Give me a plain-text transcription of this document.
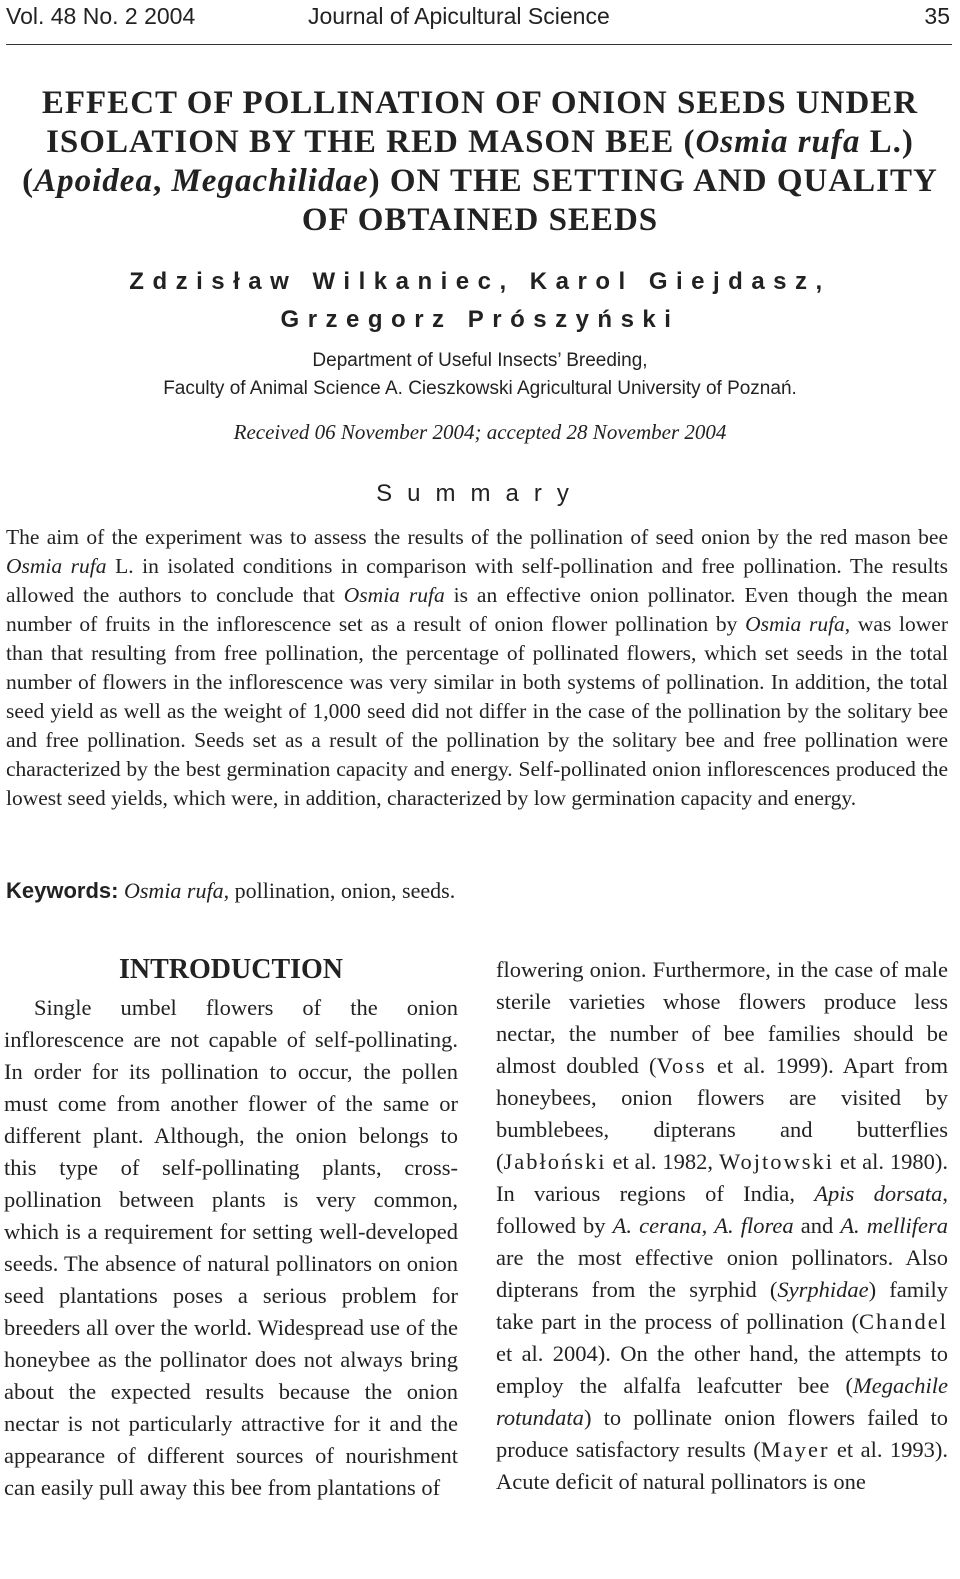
Vol. 48 No. 2 2004	Journal of Apicultural Science	35
EFFECT OF POLLINATION OF ONION SEEDS UNDER
ISOLATION BY THE RED MASON BEE (Osmia rufa L.)
(Apoidea, Megachilidae) ON THE SETTING AND QUALITY
OF OBTAINED SEEDS
Zdzisław Wilkaniec, Karol Giejdasz,
Grzegorz Prószyński
Department of Useful Insects’ Breeding,
Faculty of Animal Science A. Cieszkowski Agricultural University of Poznań.
Received 06 November 2004; accepted 28 November 2004
Summary
The aim of the experiment was to assess the results of the pollination of seed onion by the red mason bee Osmia rufa L. in isolated conditions in comparison with self-pollination and free pollination. The results allowed the authors to conclude that Osmia rufa is an effective onion pollinator. Even though the mean number of fruits in the inflorescence set as a result of onion flower pollination by Osmia rufa, was lower than that resulting from free pollination, the percentage of pollinated flowers, which set seeds in the total number of flowers in the inflorescence was very similar in both systems of pollination. In addition, the total seed yield as well as the weight of 1,000 seed did not differ in the case of the pollination by the solitary bee and free pollination. Seeds set as a result of the pollination by the solitary bee and free pollination were characterized by the best germination capacity and energy. Self-pollinated onion inflorescences produced the lowest seed yields, which were, in addition, characterized by low germination capacity and energy.
Keywords: Osmia rufa, pollination, onion, seeds.
INTRODUCTION
Single umbel flowers of the onion inflorescence are not capable of self-pollinating. In order for its pollination to occur, the pollen must come from another flower of the same or different plant. Although, the onion belongs to this type of self-pollinating plants, cross-pollination between plants is very common, which is a requirement for setting well-developed seeds. The absence of natural pollinators on onion seed plantations poses a serious problem for breeders all over the world. Widespread use of the honeybee as the pollinator does not always bring about the expected results because the onion nectar is not particularly attractive for it and the appearance of different sources of nourishment can easily pull away this bee from plantations of
flowering onion. Furthermore, in the case of male sterile varieties whose flowers produce less nectar, the number of bee families should be almost doubled (Voss et al. 1999). Apart from honeybees, onion flowers are visited by bumblebees, dipterans and butterflies (Jabłoński et al. 1982, Wojtowski et al. 1980). In various regions of India, Apis dorsata, followed by A. cerana, A. florea and A. mellifera are the most effective onion pollinators. Also dipterans from the syrphid (Syrphidae) family take part in the process of pollination (Chandel et al. 2004). On the other hand, the attempts to employ the alfalfa leafcutter bee (Megachile rotundata) to pollinate onion flowers failed to produce satisfactory results (Mayer et al. 1993). Acute deficit of natural pollinators is one
